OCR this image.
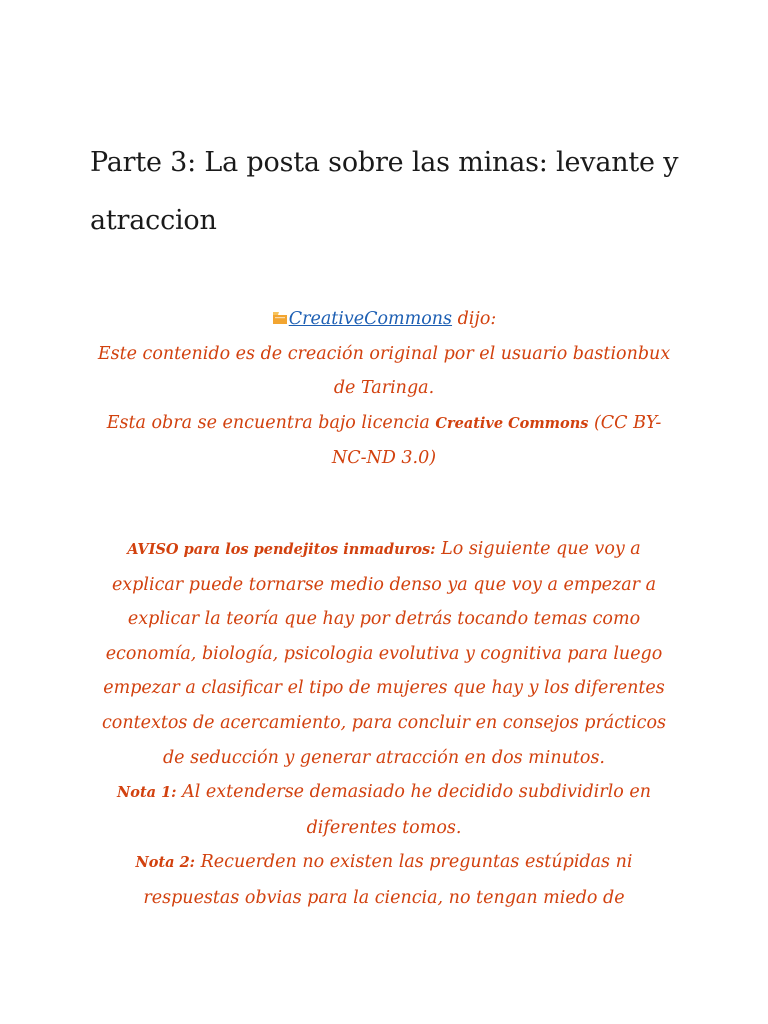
Parte 3: La posta sobre las minas: levante y atraccion
CreativeCommons dijo:
Este contenido es de creación original por el usuario bastionbux
de Taringa.
Esta obra se encuentra bajo licencia Creative Commons (CC BY-
NC-ND 3.0)
AVISO para los pendejitos inmaduros: Lo siguiente que voy a
explicar puede tornarse medio denso ya que voy a empezar a
explicar la teoría que hay por detrás tocando temas como
economía, biología, psicologia evolutiva y cognitiva para luego
empezar a clasificar el tipo de mujeres que hay y los diferentes
contextos de acercamiento, para concluir en consejos prácticos
de seducción y generar atracción en dos minutos.
Nota 1: Al extenderse demasiado he decidido subdividirlo en
diferentes tomos.
Nota 2: Recuerden no existen las preguntas estúpidas ni
respuestas obvias para la ciencia, no tengan miedo de
